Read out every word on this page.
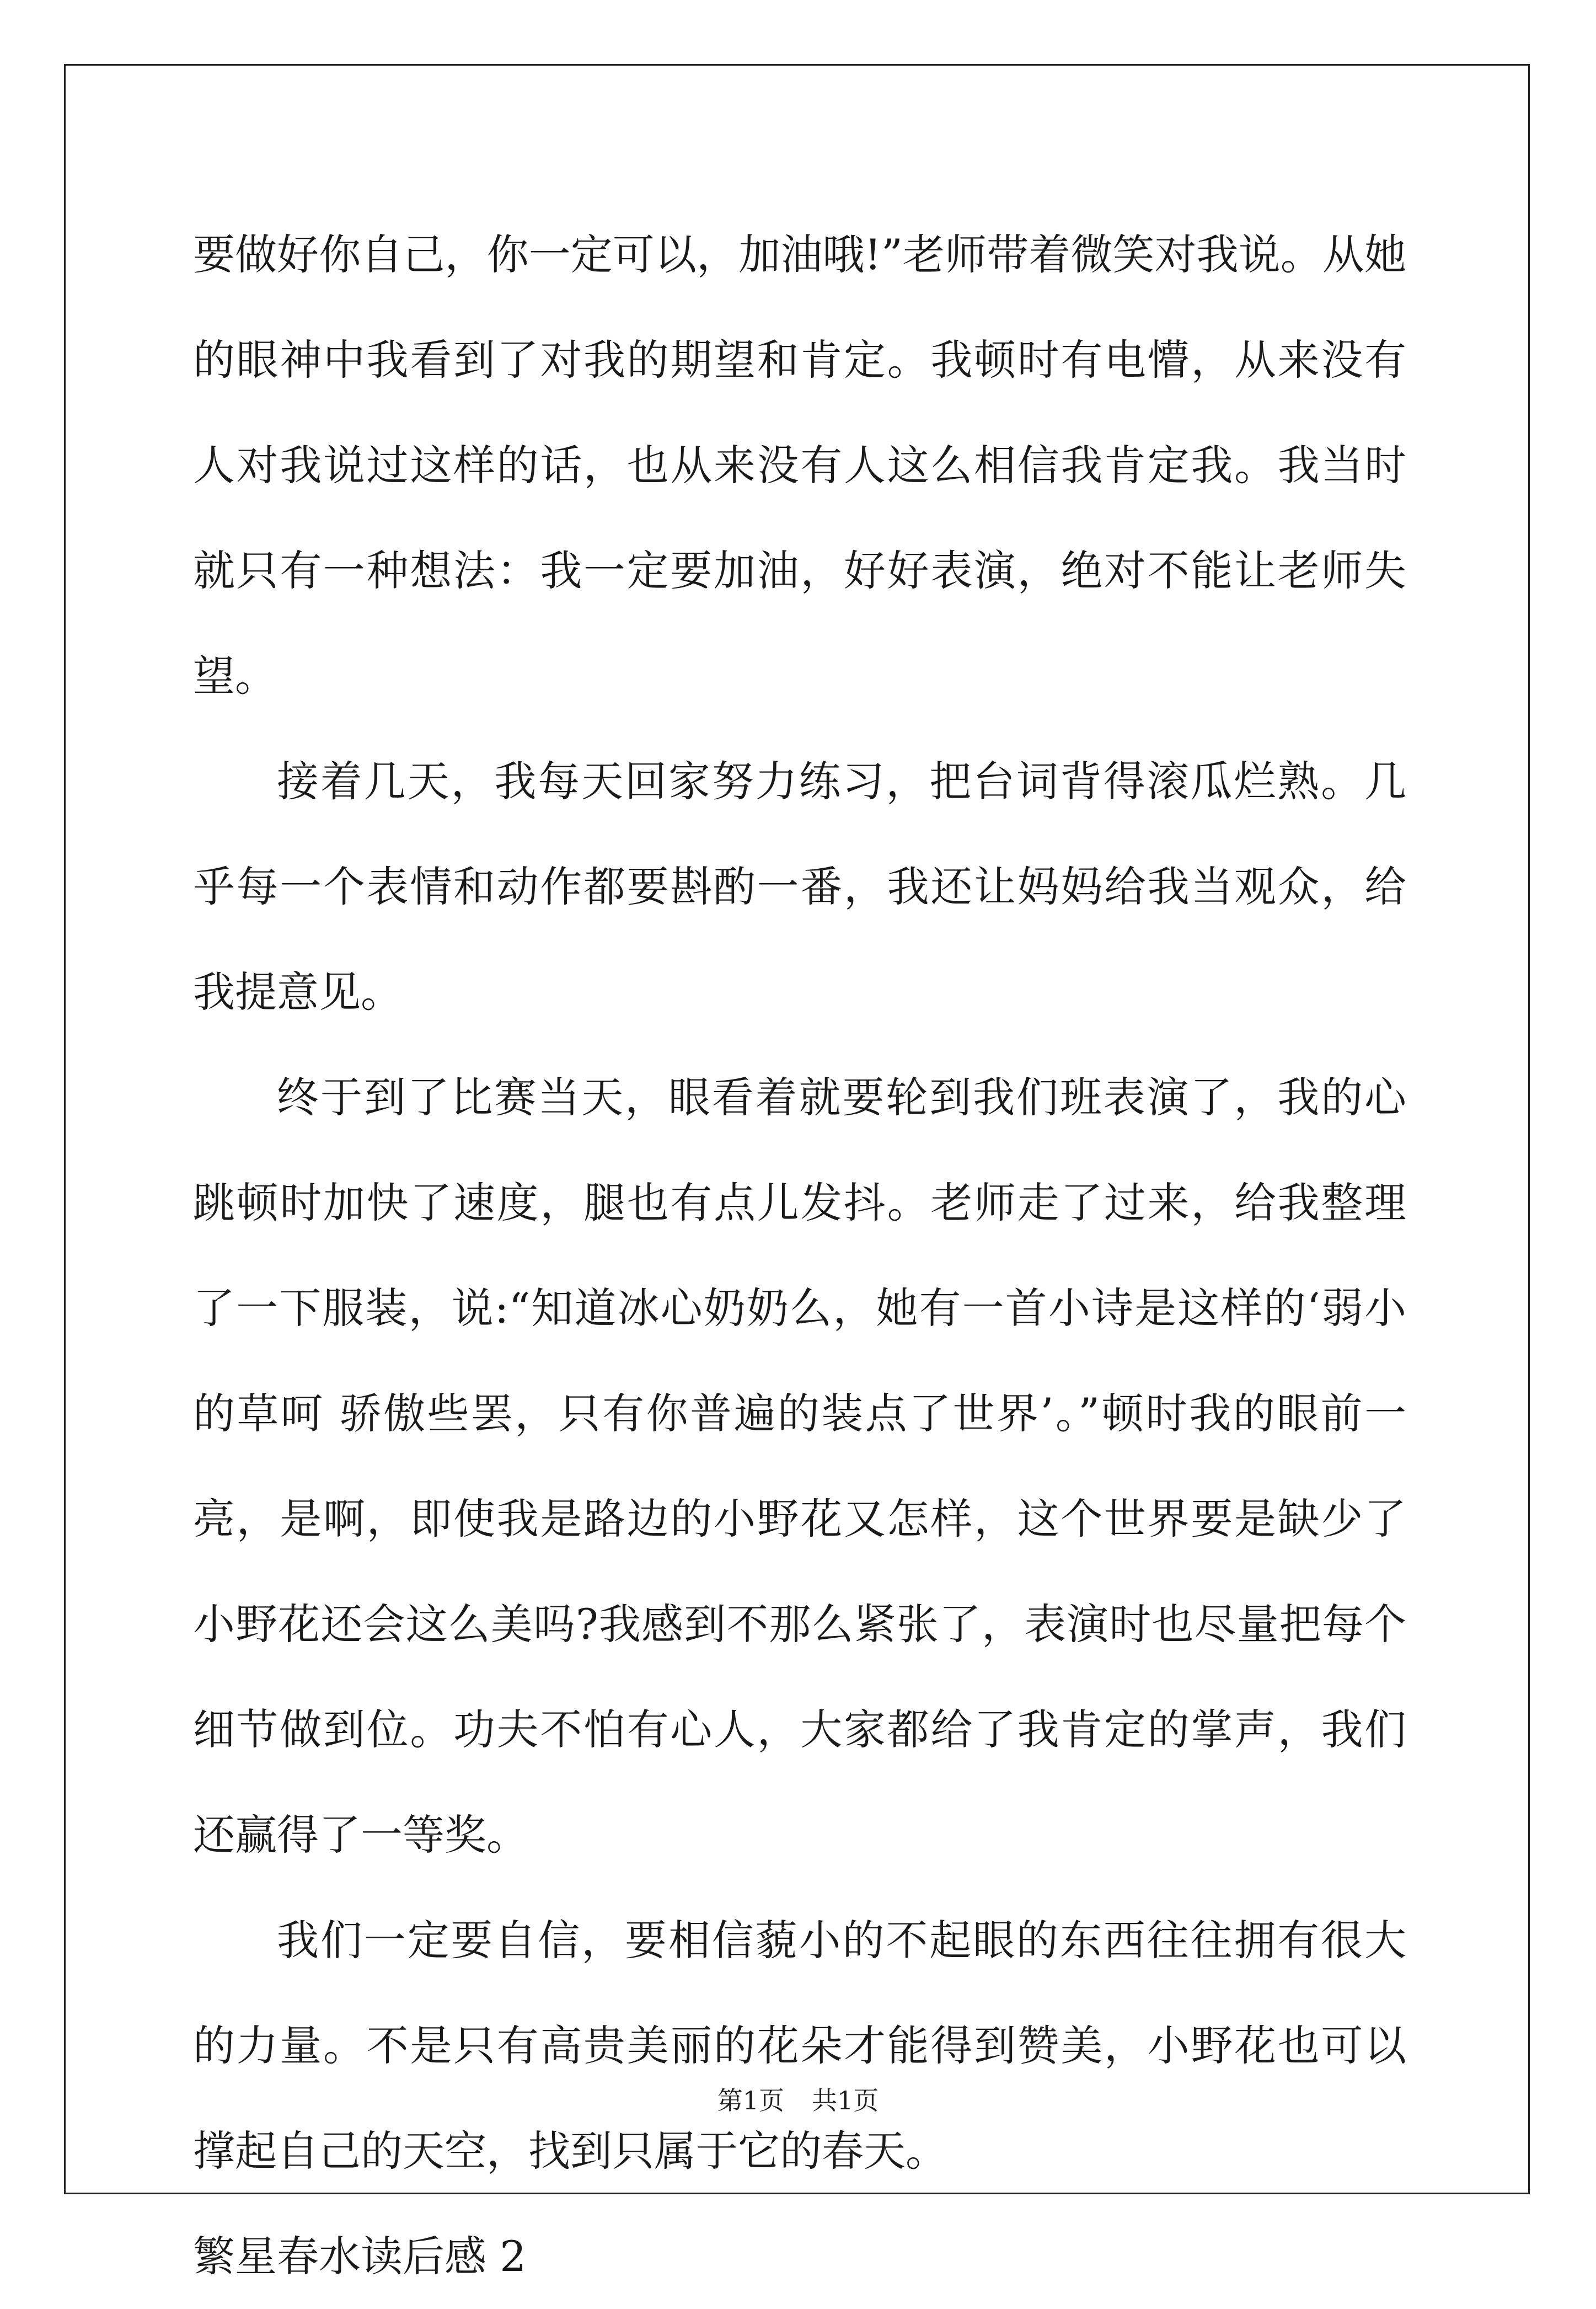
要做好你自己，你一定可以，加油哦!”老师带着微笑对我说。从她的眼神中我看到了对我的期望和肯定。我顿时有电懵，从来没有人对我说过这样的话，也从来没有人这么相信我肯定我。我当时就只有一种想法：我一定要加油，好好表演，绝对不能让老师失望。

接着几天，我每天回家努力练习，把台词背得滚瓜烂熟。几乎每一个表情和动作都要斟酌一番，我还让妈妈给我当观众，给我提意见。

终于到了比赛当天，眼看着就要轮到我们班表演了，我的心跳顿时加快了速度，腿也有点儿发抖。老师走了过来，给我整理了一下服装，说:“知道冰心奶奶么，她有一首小诗是这样的‘弱小的草呵 骄傲些罢，只有你普遍的装点了世界’。”顿时我的眼前一亮，是啊，即使我是路边的小野花又怎样，这个世界要是缺少了小野花还会这么美吗?我感到不那么紧张了，表演时也尽量把每个细节做到位。功夫不怕有心人，大家都给了我肯定的掌声，我们还赢得了一等奖。

我们一定要自信，要相信藐小的不起眼的东西往往拥有很大的力量。不是只有高贵美丽的花朵才能得到赞美，小野花也可以撑起自己的天空，找到只属于它的春天。

繁星春水读后感 2

第1页 共1页
